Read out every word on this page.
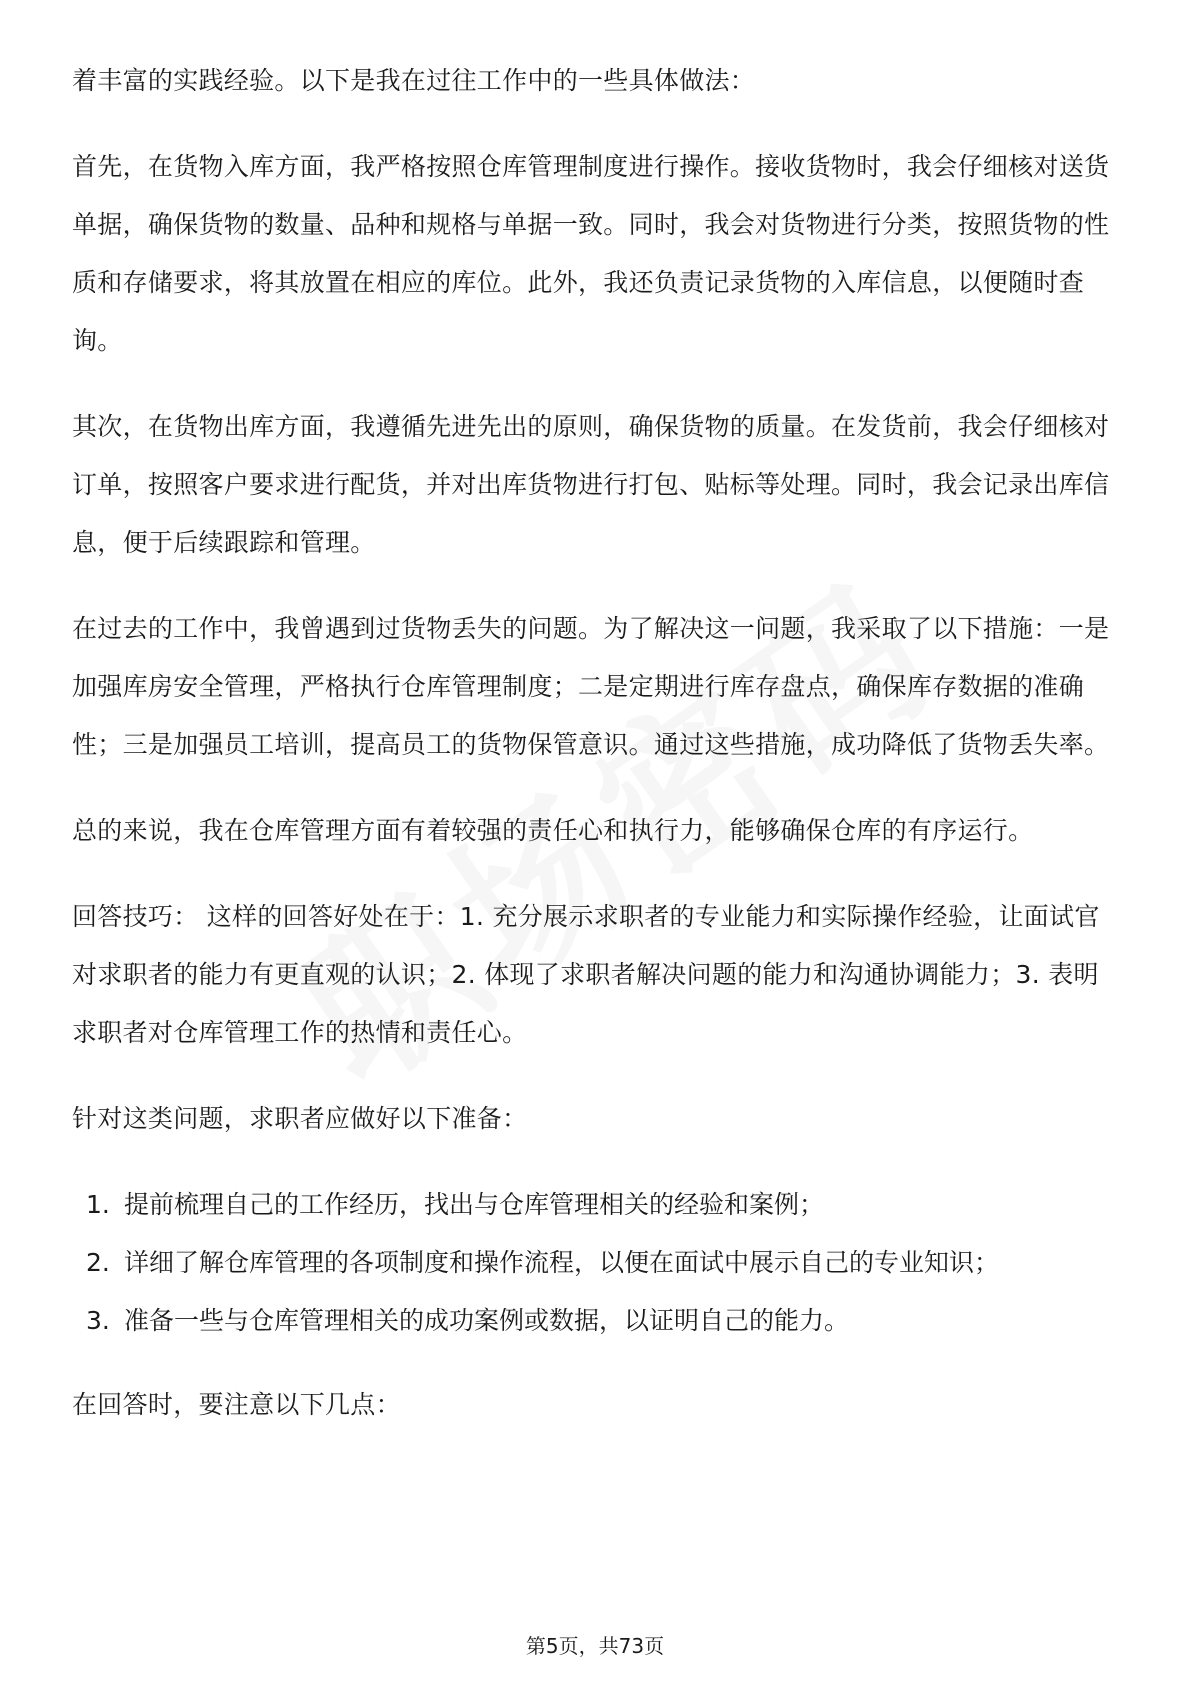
着丰富的实践经验。以下是我在过往工作中的一些具体做法：

首先，在货物入库方面，我严格按照仓库管理制度进行操作。接收货物时，我会仔细核对送货单据，确保货物的数量、品种和规格与单据一致。同时，我会对货物进行分类，按照货物的性质和存储要求，将其放置在相应的库位。此外，我还负责记录货物的入库信息，以便随时查询。

其次，在货物出库方面，我遵循先进先出的原则，确保货物的质量。在发货前，我会仔细核对订单，按照客户要求进行配货，并对出库货物进行打包、贴标等处理。同时，我会记录出库信息，便于后续跟踪和管理。

在过去的工作中，我曾遇到过货物丢失的问题。为了解决这一问题，我采取了以下措施：一是加强库房安全管理，严格执行仓库管理制度；二是定期进行库存盘点，确保库存数据的准确性；三是加强员工培训，提高员工的货物保管意识。通过这些措施，成功降低了货物丢失率。

总的来说，我在仓库管理方面有着较强的责任心和执行力，能够确保仓库的有序运行。

回答技巧： 这样的回答好处在于：1. 充分展示求职者的专业能力和实际操作经验，让面试官对求职者的能力有更直观的认识；2. 体现了求职者解决问题的能力和沟通协调能力；3. 表明求职者对仓库管理工作的热情和责任心。

针对这类问题，求职者应做好以下准备：

1. 提前梳理自己的工作经历，找出与仓库管理相关的经验和案例；
2. 详细了解仓库管理的各项制度和操作流程，以便在面试中展示自己的专业知识；
3. 准备一些与仓库管理相关的成功案例或数据，以证明自己的能力。

在回答时，要注意以下几点：

第5页，共73页
